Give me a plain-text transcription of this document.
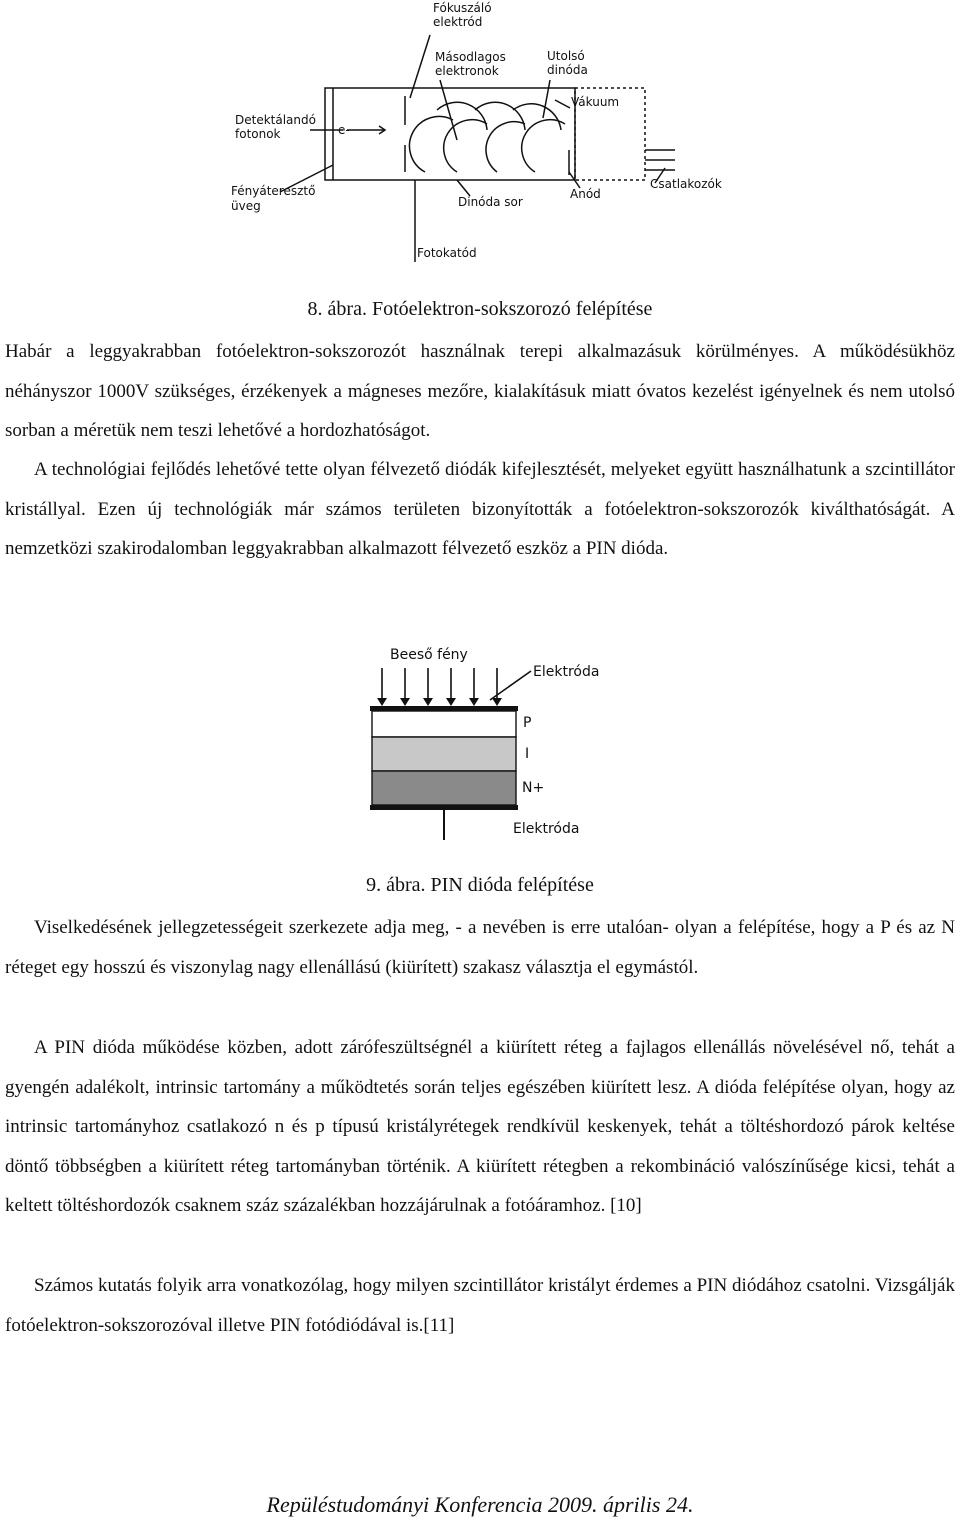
Fókuszáló
elektród
Másodlagos
elektronok
Utolsó
dinóda
Vákuum
Detektálandó
fotonok	e-
Fényáteresztő
üveg
Anód
Csatlakozók
Dinóda sor
Fotokatód
8. ábra. Fotóelektron-sokszorozó felépítése

Habár a leggyakrabban fotóelektron-sokszorozót használnak terepi alkalmazásuk körülményes. A működésükhöz néhányszor 1000V szükséges, érzékenyek a mágneses mezőre, kialakításuk miatt óvatos kezelést igényelnek és nem utolsó sorban a méretük nem teszi lehetővé a hordozhatóságot.

A technológiai fejlődés lehetővé tette olyan félvezető diódák kifejlesztését, melyeket együtt használhatunk a szcintillátor kristállyal. Ezen új technológiák már számos területen bizonyították a fotóelektron-sokszorozók kiválthatóságát. A nemzetközi szakirodalomban leggyakrabban alkalmazott félvezető eszköz a PIN dióda.

Beeső fény
Elektróda
P
I
N+
Elektróda
9. ábra. PIN dióda felépítése

Viselkedésének jellegzetességeit szerkezete adja meg, - a nevében is erre utalóan- olyan a felépítése, hogy a P és az N réteget egy hosszú és viszonylag nagy ellenállású (kiürített) szakasz választja el egymástól.

A PIN dióda működése közben, adott zárófeszültségnél a kiürített réteg a fajlagos ellenállás növelésével nő, tehát a gyengén adalékolt, intrinsic tartomány a működtetés során teljes egészében kiürített lesz. A dióda felépítése olyan, hogy az intrinsic tartományhoz csatlakozó n és p típusú kristályrétegek rendkívül keskenyek, tehát a töltéshordozó párok keltése döntő többségben a kiürített réteg tartományban történik. A kiürített rétegben a rekombináció valószínűsége kicsi, tehát a keltett töltéshordozók csaknem száz százalékban hozzájárulnak a fotóáramhoz. [10]

Számos kutatás folyik arra vonatkozólag, hogy milyen szcintillátor kristályt érdemes a PIN diódához csatolni. Vizsgálják fotóelektron-sokszorozóval illetve PIN fotódiódával is.[11]

Repüléstudományi Konferencia 2009. április 24.
